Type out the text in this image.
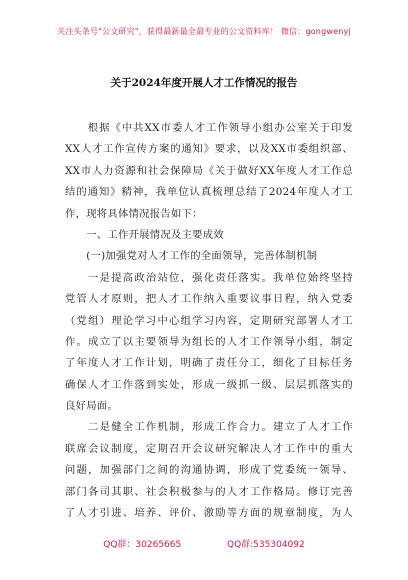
关注头条号"公文研究"，获得最新最全最专业的公文资料库！ 微信：gongwenyj
关于2024年度开展人才工作情况的报告
　　根据《中共XX市委人才工作领导小组办公室关于印发
XX人才工作宣传方案的通知》要求，以及XX市委组织部、
XX市人力资源和社会保障局《关于做好XX年度人才工作总
结的通知》精神，我单位认真梳理总结了2024年度人才工
作，现将具体情况报告如下：
　　一、工作开展情况及主要成效
　　(一)加强党对人才工作的全面领导，完善体制机制
　　一是提高政治站位，强化责任落实。我单位始终坚持
党管人才原则，把人才工作纳入重要议事日程，纳入党委
（党组）理论学习中心组学习内容，定期研究部署人才工
作。成立了以主要领导为组长的人才工作领导小组，制定
了年度人才工作计划，明确了责任分工，细化了目标任务
确保人才工作落到实处，形成一级抓一级、层层抓落实的
良好局面。
　　二是健全工作机制，形成工作合力。建立了人才工作
联席会议制度，定期召开会议研究解决人才工作中的重大
问题，加强部门之间的沟通协调，形成了党委统一领导、
部门各司其职、社会积极参与的人才工作格局。修订完善
了人才引进、培养、评价、激励等方面的规章制度，为人
QQ群：30265665	QQ群:535304092
